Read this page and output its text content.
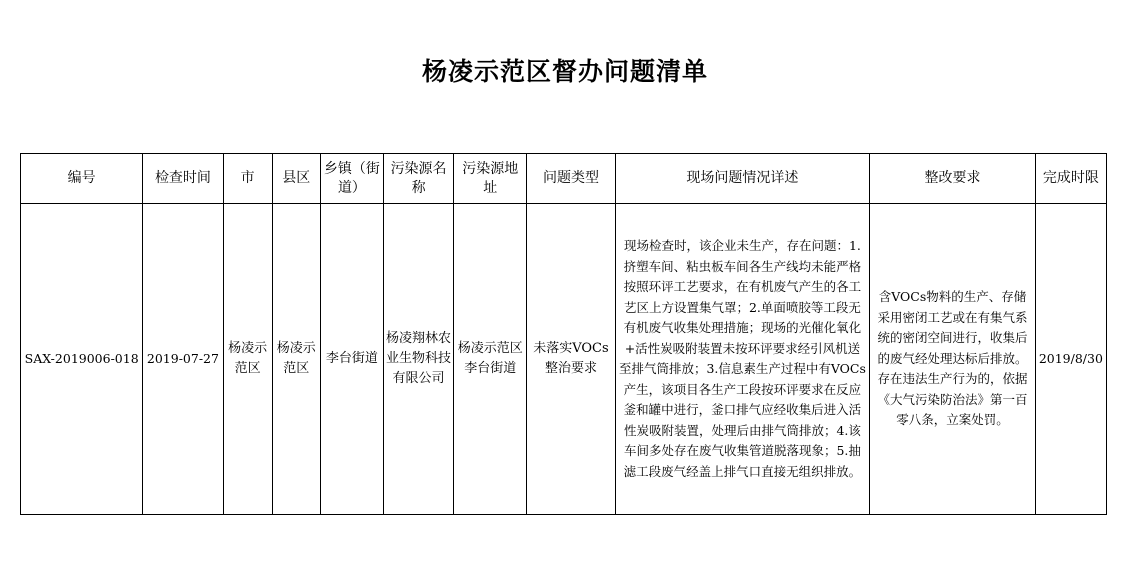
杨凌示范区督办问题清单
编号	检查时间	市	县区	乡镇（街道）	污染源名称	污染源地址	问题类型	现场问题情况详述	整改要求	完成时限
SAX-2019006-018	2019-07-27	杨凌示范区	杨凌示范区	李台街道	杨凌翔林农业生物科技有限公司	杨凌示范区李台街道	未落实VOCs整治要求	现场检查时，该企业未生产，存在问题：1.挤塑车间、粘虫板车间各生产线均未能严格按照环评工艺要求，在有机废气产生的各工艺区上方设置集气罩；2.单面喷胶等工段无有机废气收集处理措施；现场的光催化氧化+活性炭吸附装置未按环评要求经引风机送至排气筒排放；3.信息素生产过程中有VOCs产生，该项目各生产工段按环评要求在反应釜和罐中进行，釜口排气应经收集后进入活性炭吸附装置，处理后由排气筒排放；4.该车间多处存在废气收集管道脱落现象；5.抽滤工段废气经盖上排气口直接无组织排放。	含VOCs物料的生产、存储采用密闭工艺或在有集气系统的密闭空间进行，收集后的废气经处理达标后排放。存在违法生产行为的，依据《大气污染防治法》第一百零八条，立案处罚。	2019/8/30
